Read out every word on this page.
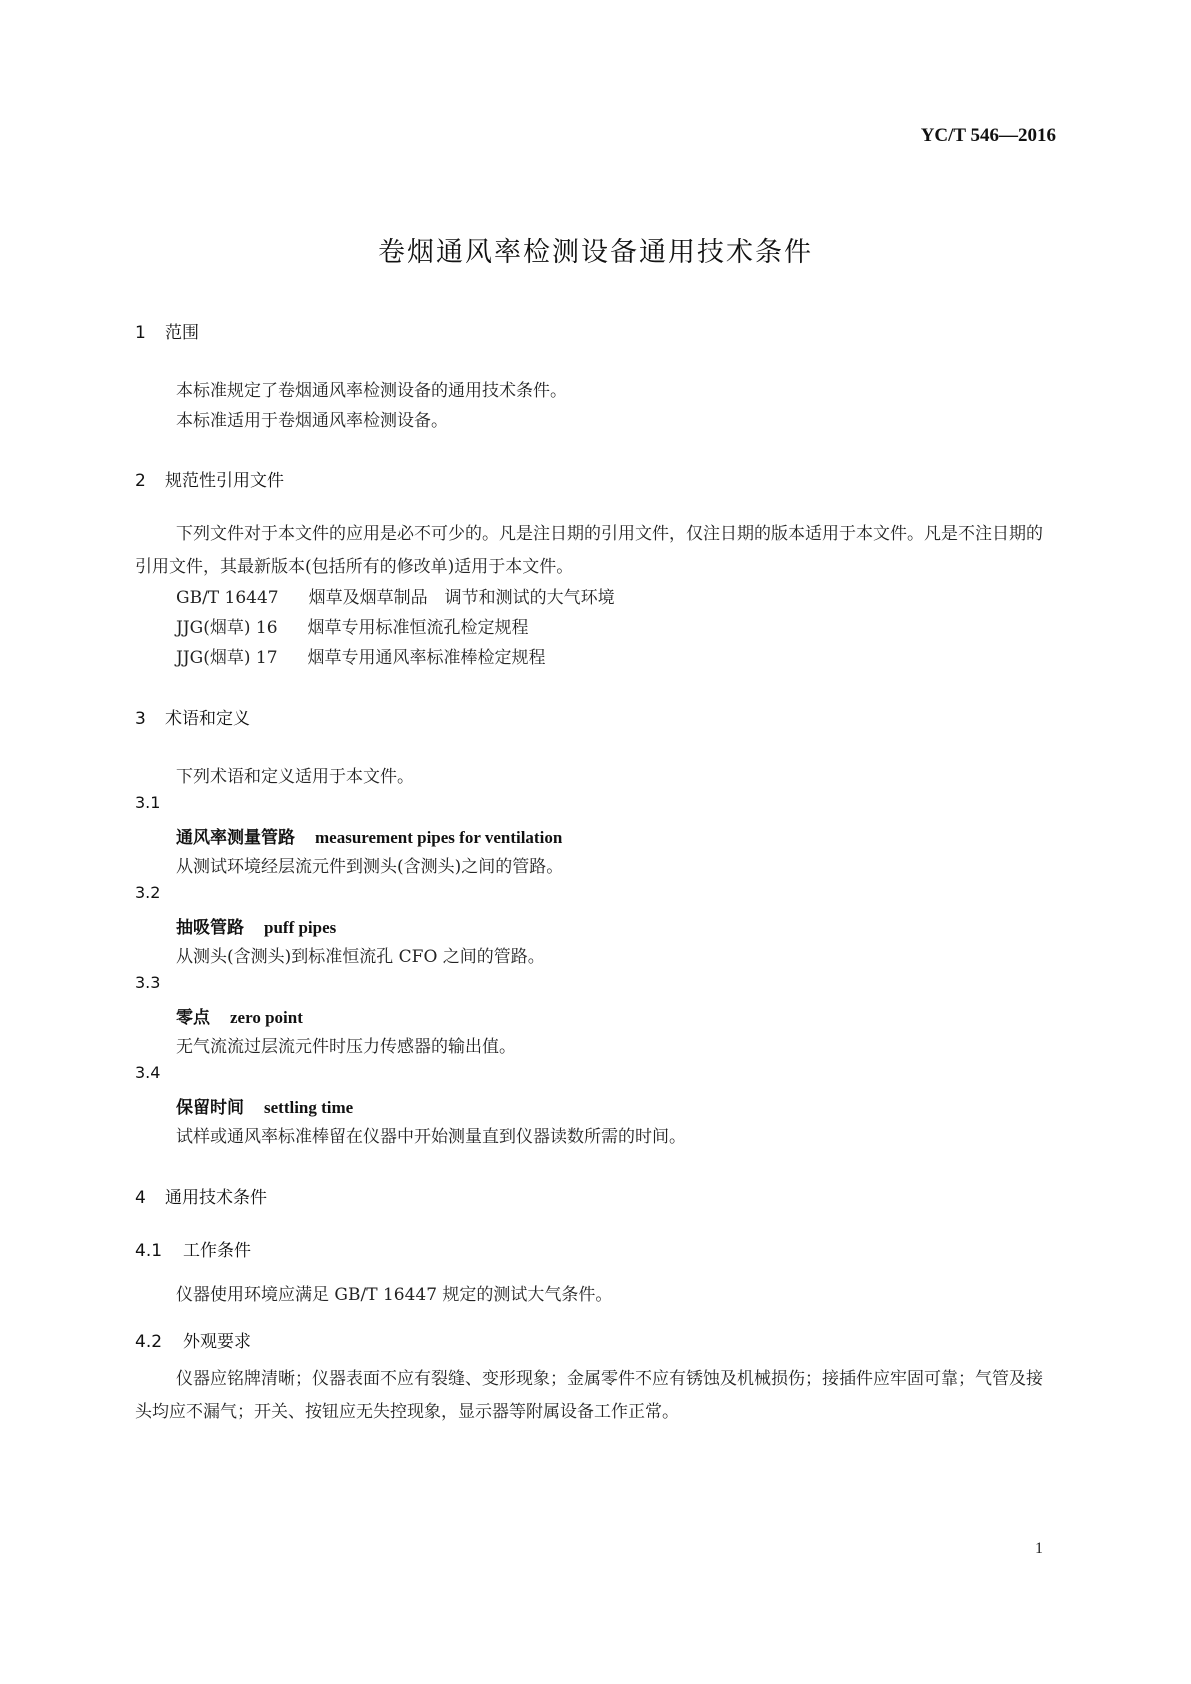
YC/T 546—2016
卷烟通风率检测设备通用技术条件
1 范围
本标准规定了卷烟通风率检测设备的通用技术条件。
本标准适用于卷烟通风率检测设备。
2 规范性引用文件
下列文件对于本文件的应用是必不可少的。凡是注日期的引用文件，仅注日期的版本适用于本文件。凡是不注日期的引用文件，其最新版本(包括所有的修改单)适用于本文件。
GB/T 16447 烟草及烟草制品　调节和测试的大气环境
JJG(烟草) 16 烟草专用标准恒流孔检定规程
JJG(烟草) 17 烟草专用通风率标准棒检定规程
3 术语和定义
下列术语和定义适用于本文件。
3.1
通风率测量管路 measurement pipes for ventilation
从测试环境经层流元件到测头(含测头)之间的管路。
3.2
抽吸管路 puff pipes
从测头(含测头)到标准恒流孔 CFO 之间的管路。
3.3
零点 zero point
无气流流过层流元件时压力传感器的输出值。
3.4
保留时间 settling time
试样或通风率标准棒留在仪器中开始测量直到仪器读数所需的时间。
4 通用技术条件
4.1 工作条件
仪器使用环境应满足 GB/T 16447 规定的测试大气条件。
4.2 外观要求
仪器应铭牌清晰；仪器表面不应有裂缝、变形现象；金属零件不应有锈蚀及机械损伤；接插件应牢固可靠；气管及接头均应不漏气；开关、按钮应无失控现象，显示器等附属设备工作正常。
1
